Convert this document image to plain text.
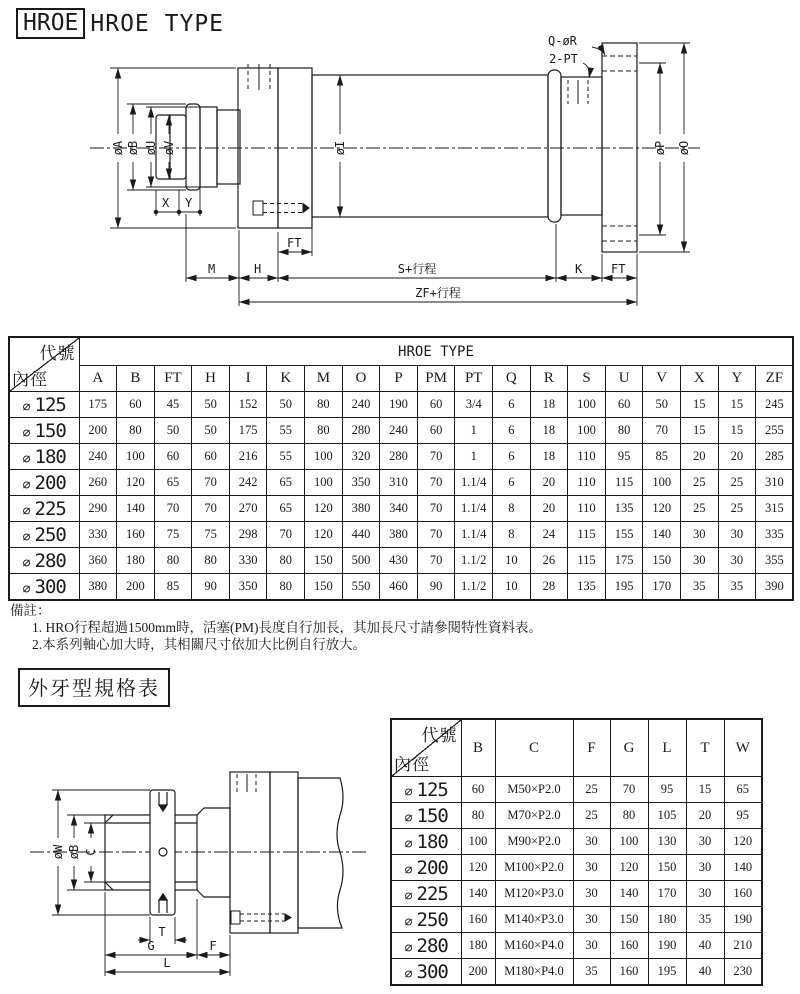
HROE HROE TYPE
Q-øR
2-PT
øA øB øU øV	øI	øP øO
X Y
FT
M	H	S+行程	K FT
ZF+行程
代號
內徑	HROE TYPE																		
	A	B	FT	H	I	K	M	O	P	PM	PT	Q	R	S	U	V	X	Y	ZF
∅ 125	175	60	45	50	152	50	80	240	190	60	3/4	6	18	100	60	50	15	15	245
∅ 150	200	80	50	50	175	55	80	280	240	60	1	6	18	100	80	70	15	15	255
∅ 180	240	100	60	60	216	55	100	320	280	70	1	6	18	110	95	85	20	20	285
∅ 200	260	120	65	70	242	65	100	350	310	70	1.1/4	6	20	110	115	100	25	25	310
∅ 225	290	140	70	70	270	65	120	380	340	70	1.1/4	8	20	110	135	120	25	25	315
∅ 250	330	160	75	75	298	70	120	440	380	70	1.1/4	8	24	115	155	140	30	30	335
∅ 280	360	180	80	80	330	80	150	500	430	70	1.1/2	10	26	115	175	150	30	30	355
∅ 300	380	200	85	90	350	80	150	550	460	90	1.1/2	10	28	135	195	170	35	35	390

備註：

1. HRO行程超過1500mm時，活塞(PM)長度自行加長，其加長尺寸請參閱特性資料表。

2.本系列軸心加大時，其相關尺寸依加大比例自行放大。

外牙型規格表
øW øB C
T
G	F
L
代號
內徑	B	C	F	G	L	T	W
∅ 125	60	M50×P2.0	25	70	95	15	65
∅ 150	80	M70×P2.0	25	80	105	20	95
∅ 180	100	M90×P2.0	30	100	130	30	120
∅ 200	120	M100×P2.0	30	120	150	30	140
∅ 225	140	M120×P3.0	30	140	170	30	160
∅ 250	160	M140×P3.0	30	150	180	35	190
∅ 280	180	M160×P4.0	30	160	190	40	210
∅ 300	200	M180×P4.0	35	160	195	40	230
